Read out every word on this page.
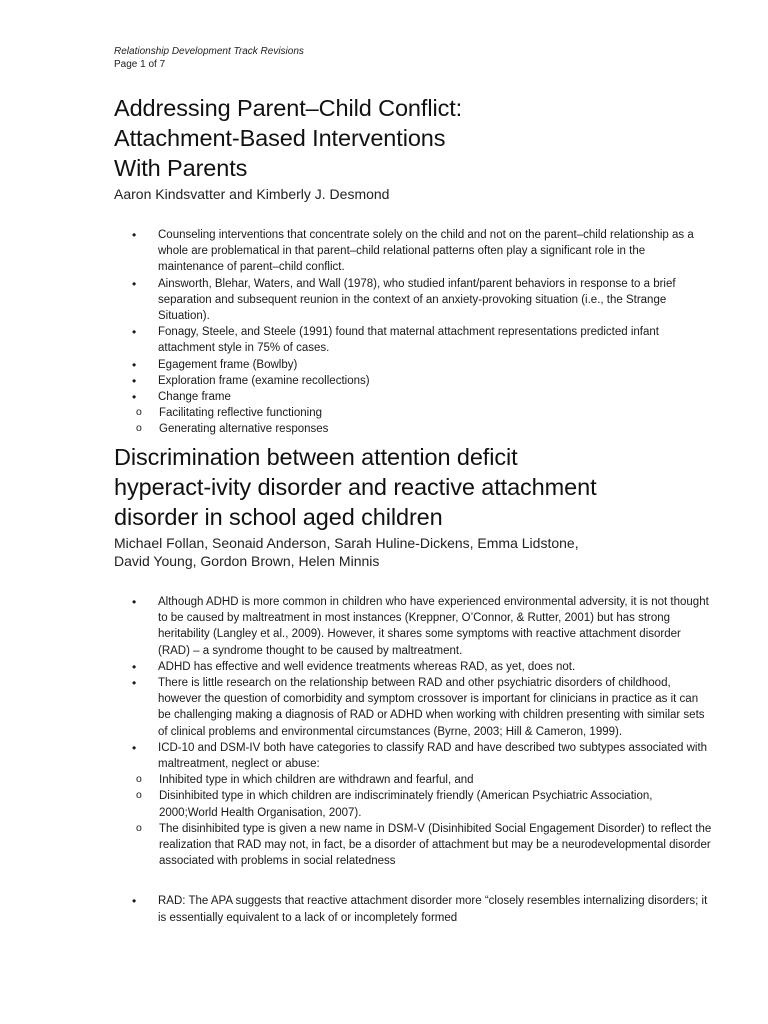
Relationship Development Track Revisions
Page 1 of 7
Addressing Parent–Child Conflict:
Attachment-Based Interventions
With Parents

Aaron Kindsvatter and Kimberly J. Desmond

• Counseling interventions that concentrate solely on the child and not on the parent–child relationship as a whole are problematical in that parent–child relational patterns often play a significant role in the maintenance of parent–child conflict.
• Ainsworth, Blehar, Waters, and Wall (1978), who studied infant/parent behaviors in response to a brief separation and subsequent reunion in the context of an anxiety-provoking situation (i.e., the Strange Situation).
• Fonagy, Steele, and Steele (1991) found that maternal attachment representations predicted infant attachment style in 75% of cases.
• Egagement frame (Bowlby)
• Exploration frame (examine recollections)
• Change frame
o Facilitating reflective functioning
o Generating alternative responses
Discrimination between attention deficit
hyperact-ivity disorder and reactive attachment
disorder in school aged children
Michael Follan, Seonaid Anderson, Sarah Huline-Dickens, Emma Lidstone,
David Young, Gordon Brown, Helen Minnis
• Although ADHD is more common in children who have experienced environmental adversity, it is not thought to be caused by maltreatment in most instances (Kreppner, O’Connor, & Rutter, 2001) but has strong heritability (Langley et al., 2009). However, it shares some symptoms with reactive attachment disorder (RAD) – a syndrome thought to be caused by maltreatment.
• ADHD has effective and well evidence treatments whereas RAD, as yet, does not.
• There is little research on the relationship between RAD and other psychiatric disorders of childhood, however the question of comorbidity and symptom crossover is important for clinicians in practice as it can be challenging making a diagnosis of RAD or ADHD when working with children presenting with similar sets of clinical problems and environmental circumstances (Byrne, 2003; Hill & Cameron, 1999).
• ICD-10 and DSM-IV both have categories to classify RAD and have described two subtypes associated with maltreatment, neglect or abuse:
o Inhibited type in which children are withdrawn and fearful, and
o Disinhibited type in which children are indiscriminately friendly (American Psychiatric Association, 2000;World Health Organisation, 2007).
o The disinhibited type is given a new name in DSM-V (Disinhibited Social Engagement Disorder) to reflect the realization that RAD may not, in fact, be a disorder of attachment but may be a neurodevelopmental disorder associated with problems in social relatedness
• RAD: The APA suggests that reactive attachment disorder more “closely resembles internalizing disorders; it is essentially equivalent to a lack of or incompletely formed
